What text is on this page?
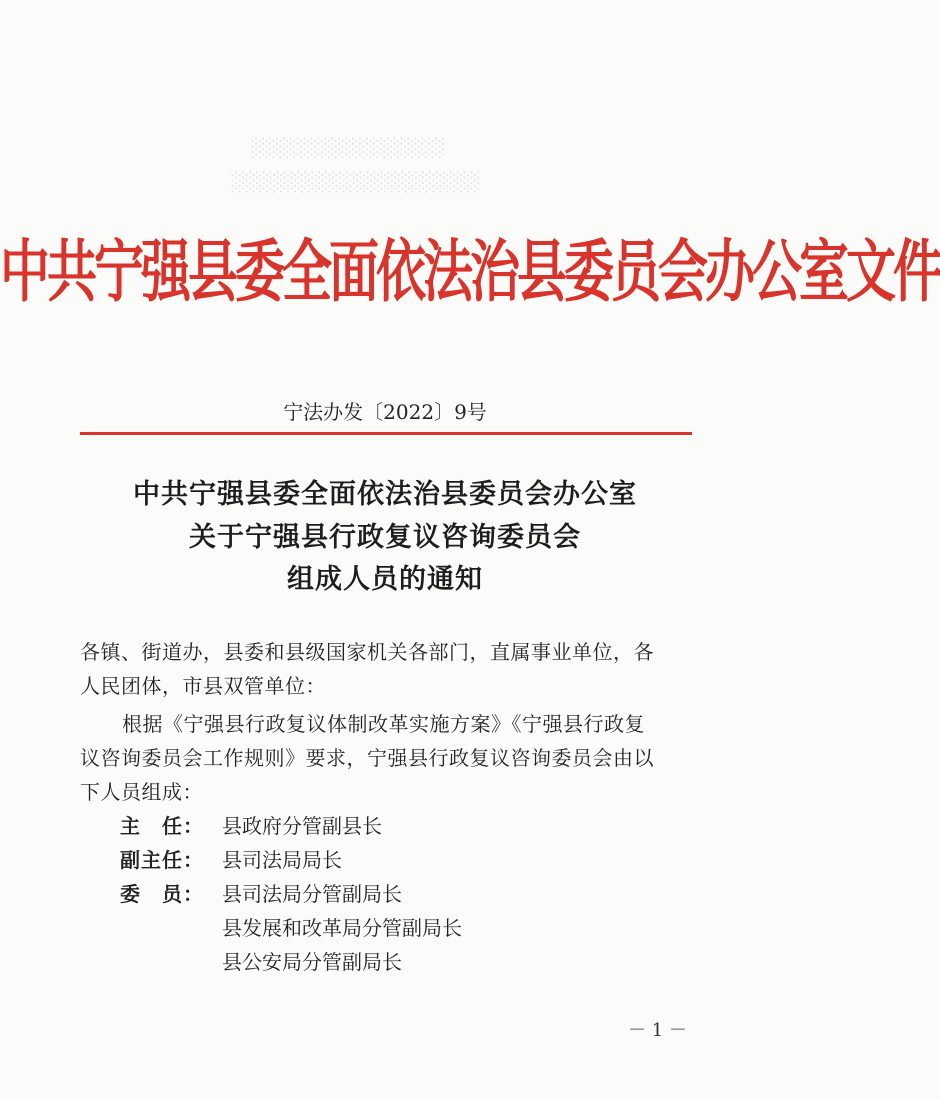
░░░░░░░░░░░░░░
░░░░░░░░░░░░░░░░░░
中共宁强县委全面依法治县委员会办公室文件
宁法办发〔2022〕9号
中共宁强县委全面依法治县委员会办公室
关于宁强县行政复议咨询委员会
组成人员的通知
各镇、街道办，县委和县级国家机关各部门，直属事业单位，各
人民团体，市县双管单位：
根据《宁强县行政复议体制改革实施方案》《宁强县行政复
议咨询委员会工作规则》要求，宁强县行政复议咨询委员会由以
下人员组成：
主　任： 县政府分管副县长
副主任： 县司法局局长
委　员： 县司法局分管副局长
县发展和改革局分管副局长
县公安局分管副局长
－ 1 －
